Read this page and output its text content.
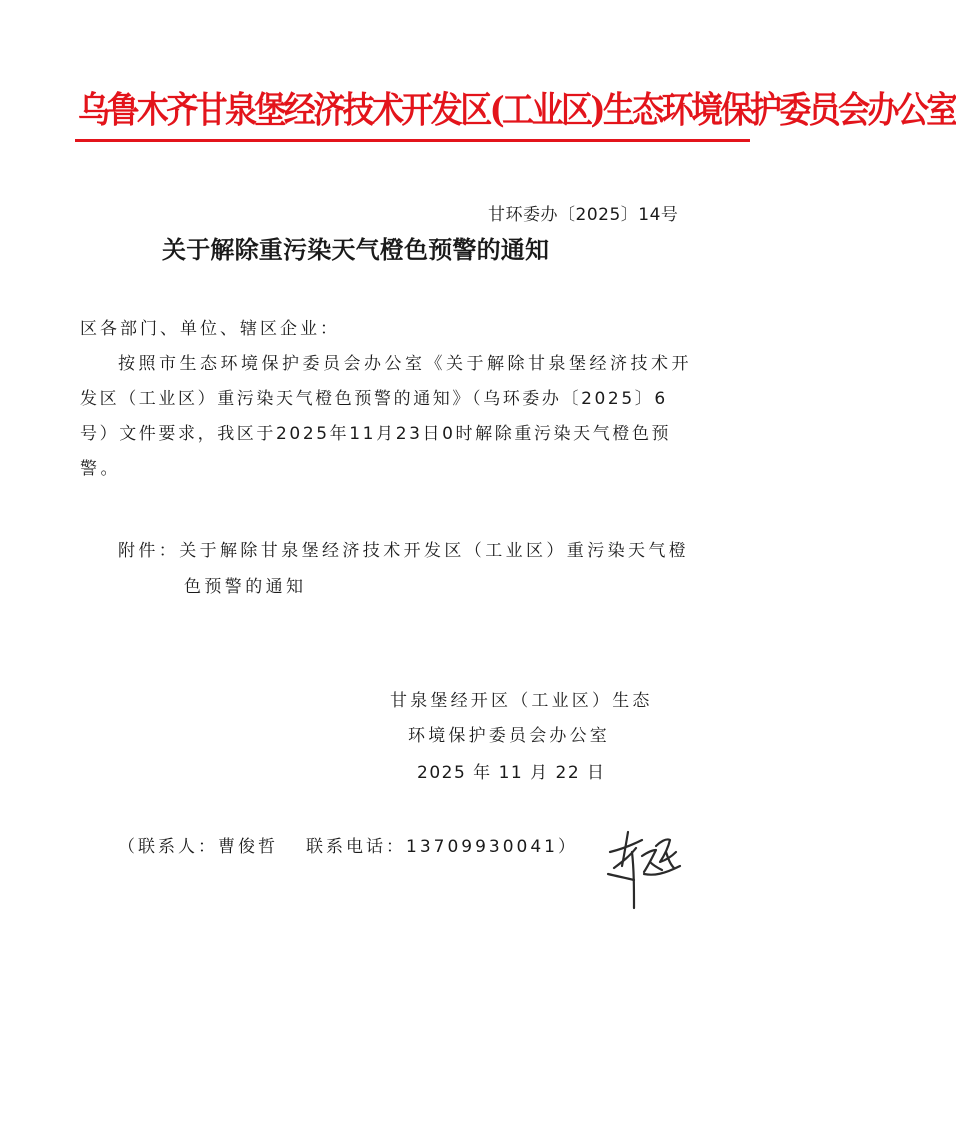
乌鲁木齐甘泉堡经济技术开发区(工业区)生态环境保护委员会办公室
甘环委办〔2025〕14号
关于解除重污染天气橙色预警的通知
区各部门、单位、辖区企业：
按照市生态环境保护委员会办公室《关于解除甘泉堡经济技术开
发区（工业区）重污染天气橙色预警的通知》（乌环委办〔2025〕6
号）文件要求，我区于2025年11月23日0时解除重污染天气橙色预
警。
附件：关于解除甘泉堡经济技术开发区（工业区）重污染天气橙
色预警的通知
甘泉堡经开区（工业区）生态
环境保护委员会办公室
2025 年 11 月 22 日
（联系人：曹俊哲 联系电话：13709930041）
